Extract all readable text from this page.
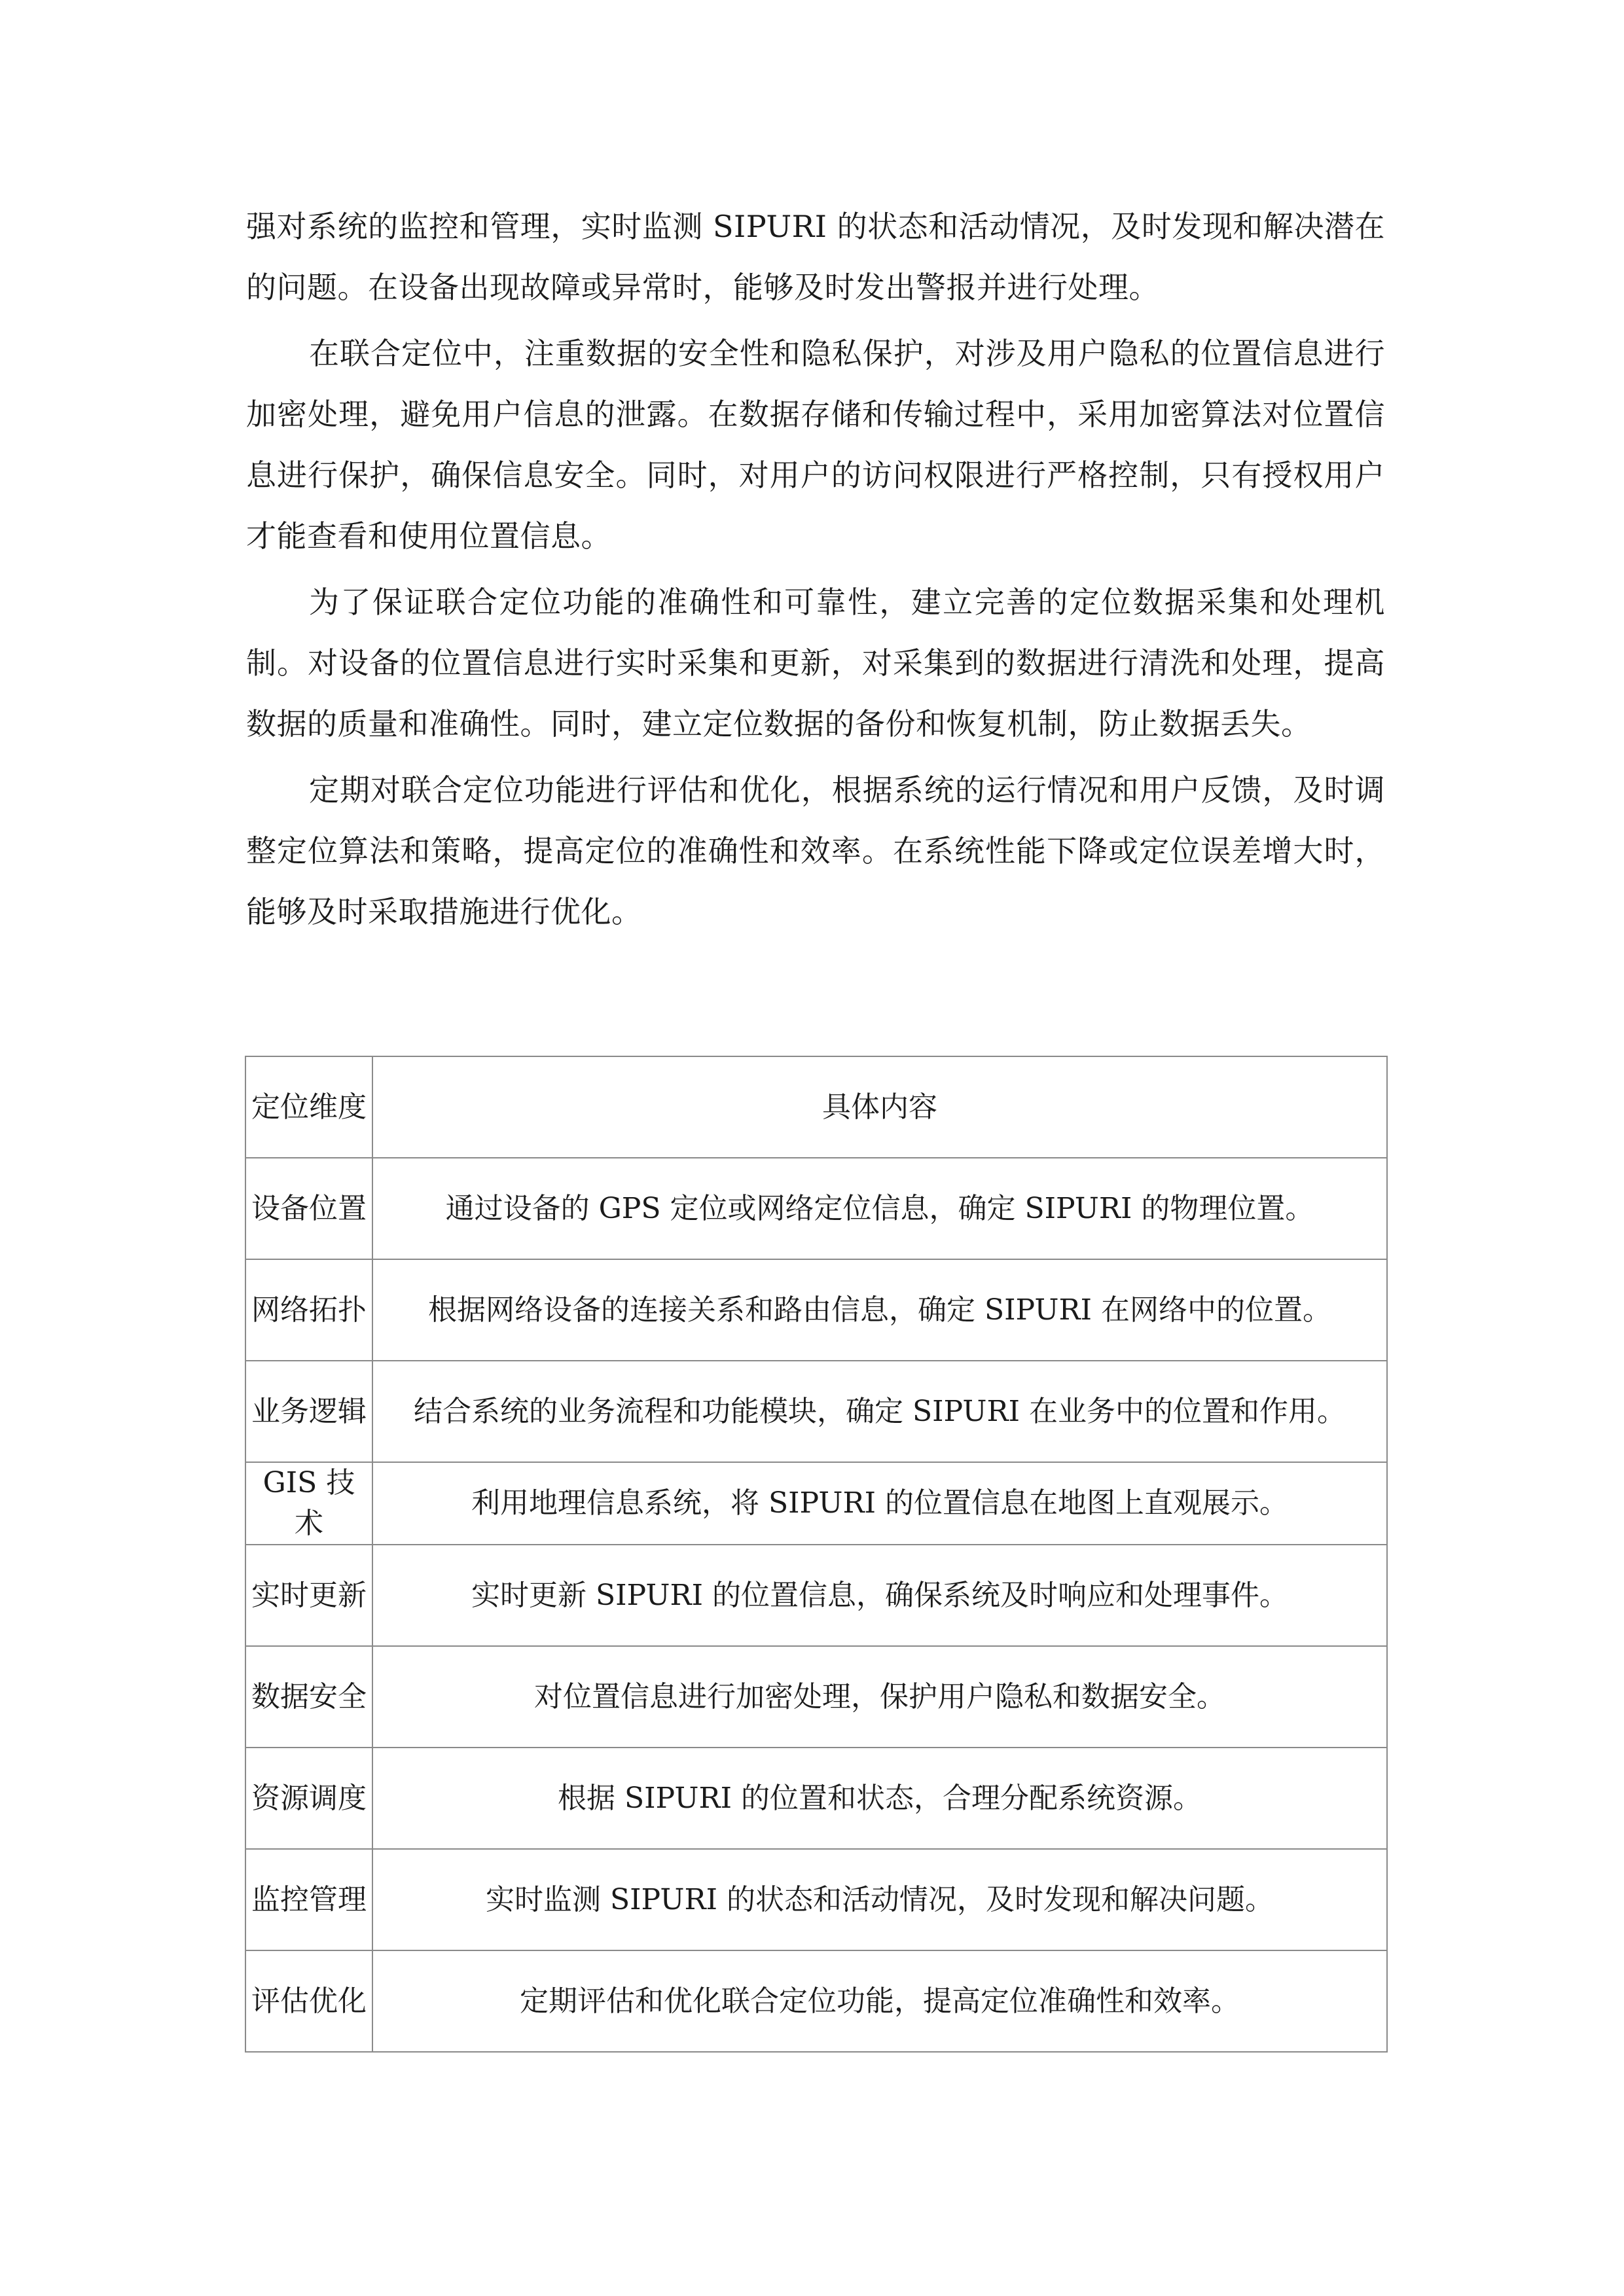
强对系统的监控和管理，实时监测 SIPURI 的状态和活动情况，及时发现和解决潜在的问题。在设备出现故障或异常时，能够及时发出警报并进行处理。

在联合定位中，注重数据的安全性和隐私保护，对涉及用户隐私的位置信息进行加密处理，避免用户信息的泄露。在数据存储和传输过程中，采用加密算法对位置信息进行保护，确保信息安全。同时，对用户的访问权限进行严格控制，只有授权用户才能查看和使用位置信息。

为了保证联合定位功能的准确性和可靠性，建立完善的定位数据采集和处理机制。对设备的位置信息进行实时采集和更新，对采集到的数据进行清洗和处理，提高数据的质量和准确性。同时，建立定位数据的备份和恢复机制，防止数据丢失。

定期对联合定位功能进行评估和优化，根据系统的运行情况和用户反馈，及时调整定位算法和策略，提高定位的准确性和效率。在系统性能下降或定位误差增大时，能够及时采取措施进行优化。

定位维度	具体内容
设备位置	通过设备的 GPS 定位或网络定位信息，确定 SIPURI 的物理位置。
网络拓扑	根据网络设备的连接关系和路由信息，确定 SIPURI 在网络中的位置。
业务逻辑	结合系统的业务流程和功能模块，确定 SIPURI 在业务中的位置和作用。
GIS 技术	利用地理信息系统，将 SIPURI 的位置信息在地图上直观展示。
实时更新	实时更新 SIPURI 的位置信息，确保系统及时响应和处理事件。
数据安全	对位置信息进行加密处理，保护用户隐私和数据安全。
资源调度	根据 SIPURI 的位置和状态，合理分配系统资源。
监控管理	实时监测 SIPURI 的状态和活动情况，及时发现和解决问题。
评估优化	定期评估和优化联合定位功能，提高定位准确性和效率。
